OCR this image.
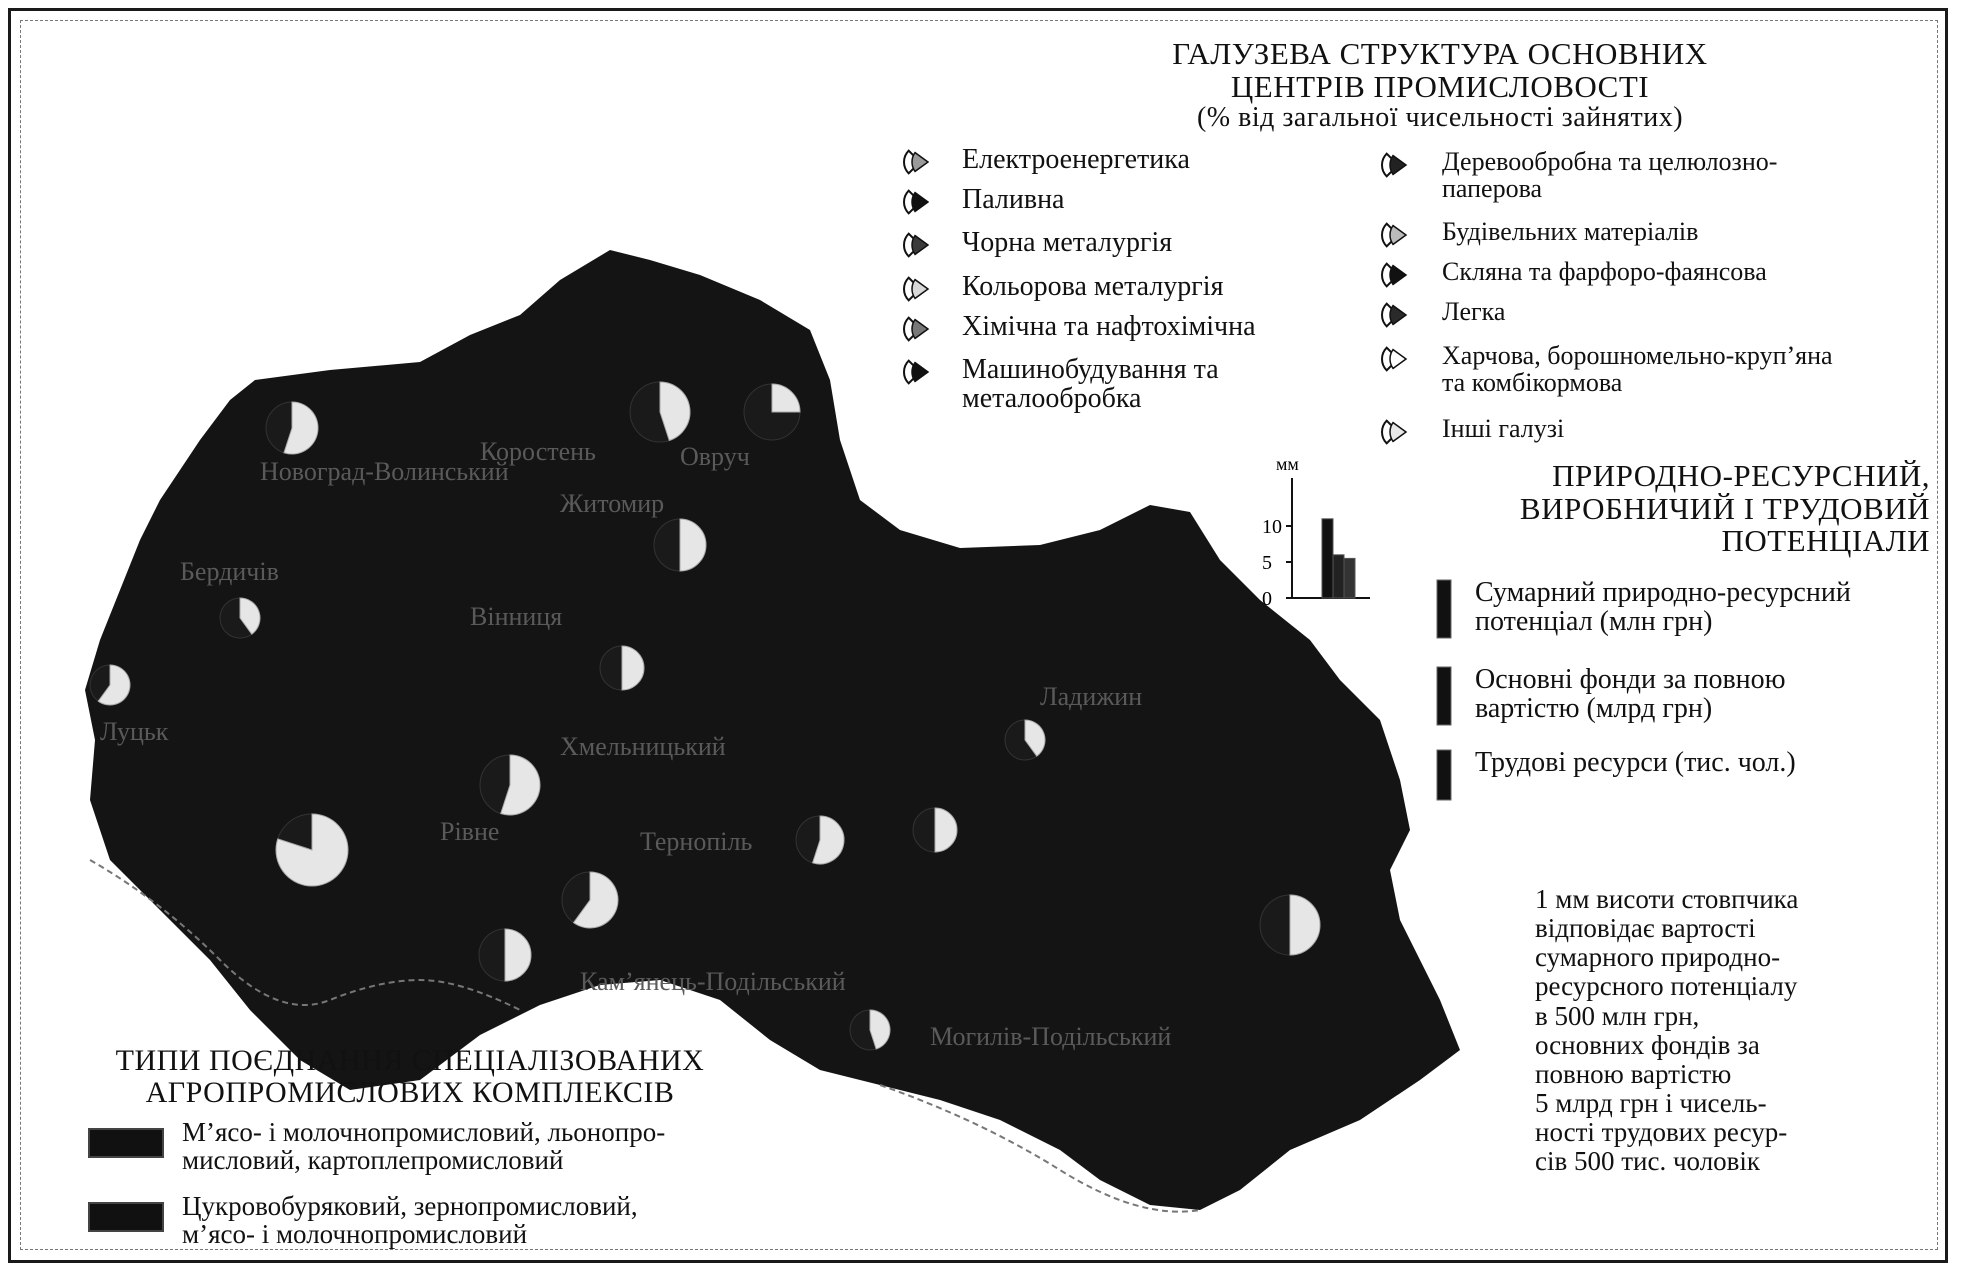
Новоград-Волинський
Коростень	Овруч
Житомир
Бердичів
Вінниця
Хмельницький
Рівне
Луцьк
Тернопіль
Кам’янець-Подільський
Могилів-Подільський
Ладижин
мм
10
5
0
ГАЛУЗЕВА СТРУКТУРА ОСНОВНИХ
ЦЕНТРІВ ПРОМИСЛОВОСТІ
(% від загальної чисельності зайнятих)
Електроенергетика
Паливна
Чорна металургія
Кольорова металургія
Хімічна та нафтохімічна
Машинобудування та
металообробка
Деревообробна та целюлозно-
паперова
Будівельних матеріалів
Скляна та фарфоро-фаянсова
Легка
Харчова, борошномельно-круп’яна
та комбікормова
Інші галузі
ПРИРОДНО-РЕСУРСНИЙ,
ВИРОБНИЧИЙ І ТРУДОВИЙ
ПОТЕНЦІАЛИ
Сумарний природно-ресурсний
потенціал (млн грн)
Основні фонди за повною
вартістю (млрд грн)
Трудові ресурси (тис. чол.)
1 мм висоти стовпчика
відповідає вартості
сумарного природно-
ресурсного потенціалу
в 500 млн грн,
основних фондів за
повною вартістю
5 млрд грн і чисель-
ності трудових ресур-
сів 500 тис. чоловік
ТИПИ ПОЄДНАННЯ СПЕЦІАЛІЗОВАНИХ
АГРОПРОМИСЛОВИХ КОМПЛЕКСІВ
М’ясо- і молочнопромисловий, льонопро-
мисловий, картоплепромисловий
Цукровобуряковий, зернопромисловий,
м’ясо- і молочнопромисловий
